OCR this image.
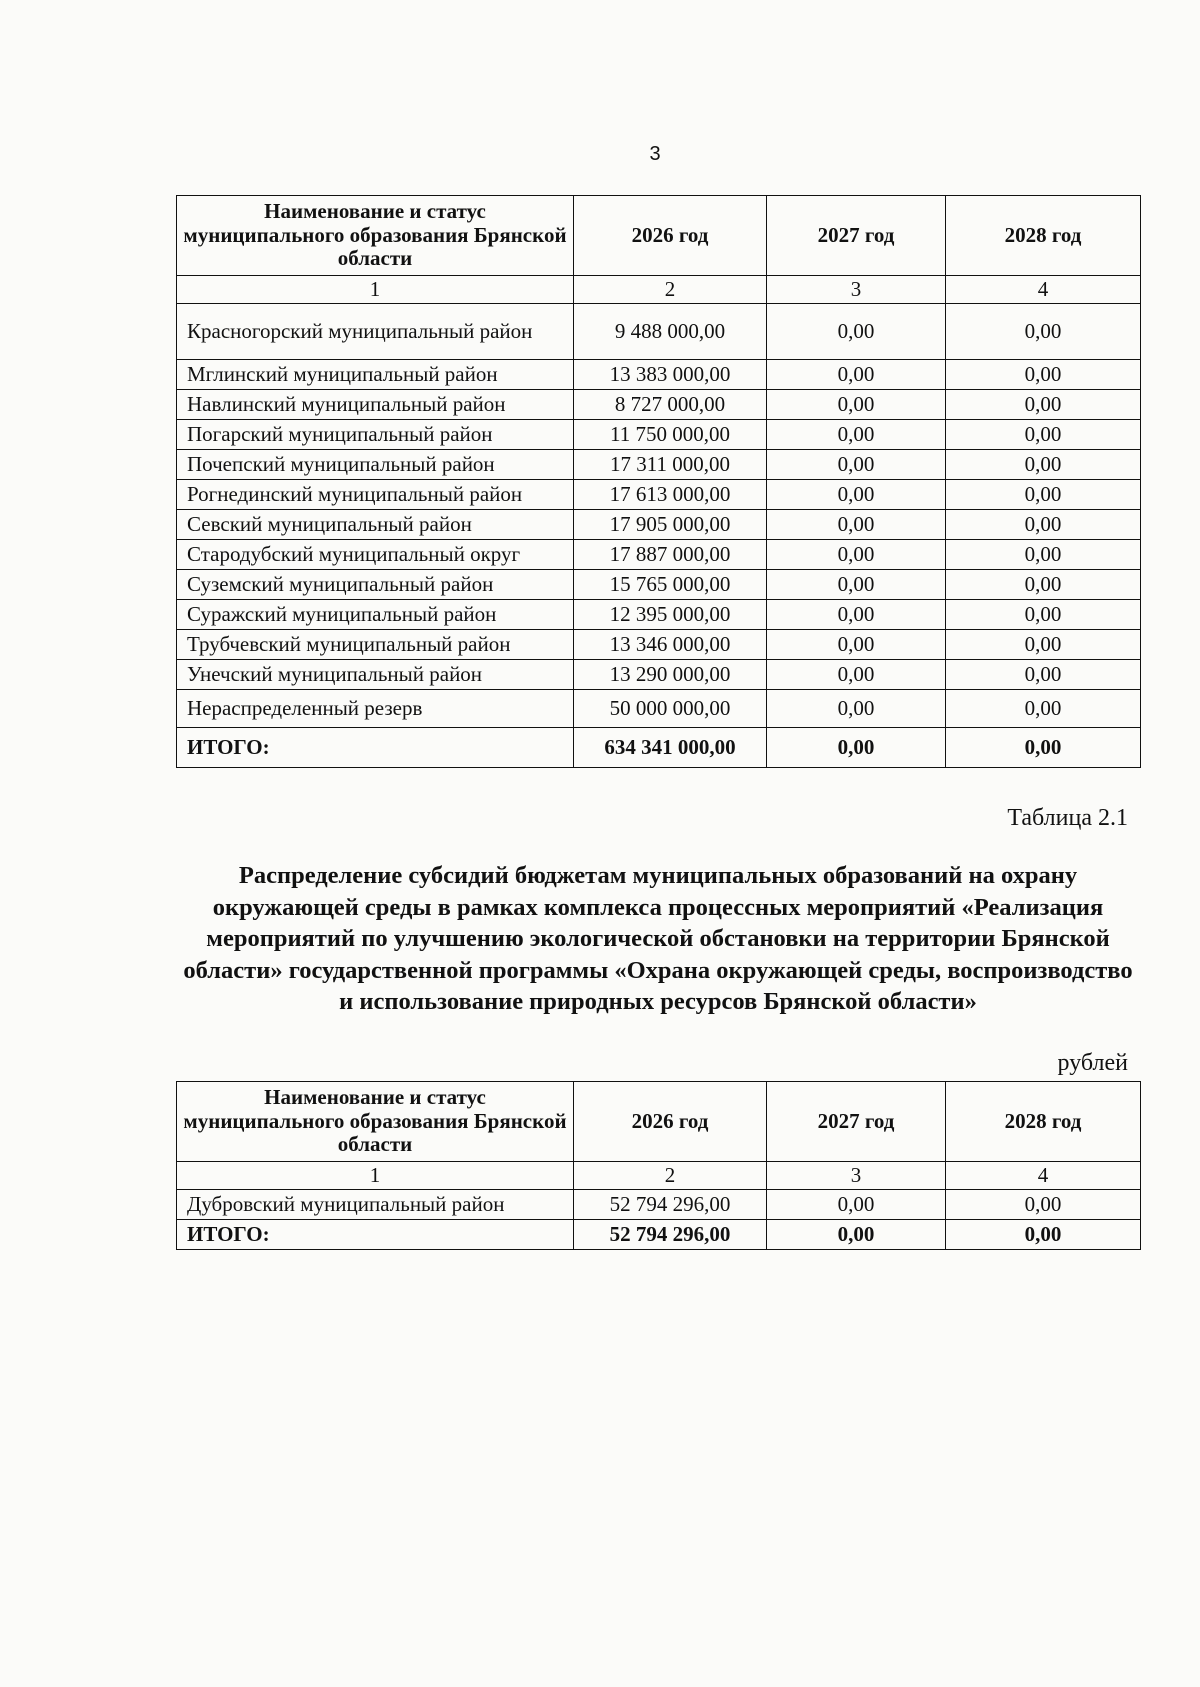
3
Наименование и статус муниципального образования Брянской области	2026 год	2027 год	2028 год
1	2	3	4
Красногорский муниципальный район	9 488 000,00	0,00	0,00
Мглинский муниципальный район	13 383 000,00	0,00	0,00
Навлинский муниципальный район	8 727 000,00	0,00	0,00
Погарский муниципальный район	11 750 000,00	0,00	0,00
Почепский муниципальный район	17 311 000,00	0,00	0,00
Рогнединский муниципальный район	17 613 000,00	0,00	0,00
Севский муниципальный район	17 905 000,00	0,00	0,00
Стародубский муниципальный округ	17 887 000,00	0,00	0,00
Суземский муниципальный район	15 765 000,00	0,00	0,00
Суражский муниципальный район	12 395 000,00	0,00	0,00
Трубчевский муниципальный район	13 346 000,00	0,00	0,00
Унечский муниципальный район	13 290 000,00	0,00	0,00
Нераспределенный резерв	50 000 000,00	0,00	0,00
ИТОГО:	634 341 000,00	0,00	0,00
Таблица 2.1
Распределение субсидий бюджетам муниципальных образований на охрану окружающей среды в рамках комплекса процессных мероприятий «Реализация мероприятий по улучшению экологической обстановки на территории Брянской области» государственной программы «Охрана окружающей среды, воспроизводство и использование природных ресурсов Брянской области»
рублей
Наименование и статус муниципального образования Брянской области	2026 год	2027 год	2028 год
1	2	3	4
Дубровский муниципальный район	52 794 296,00	0,00	0,00
ИТОГО:	52 794 296,00	0,00	0,00
